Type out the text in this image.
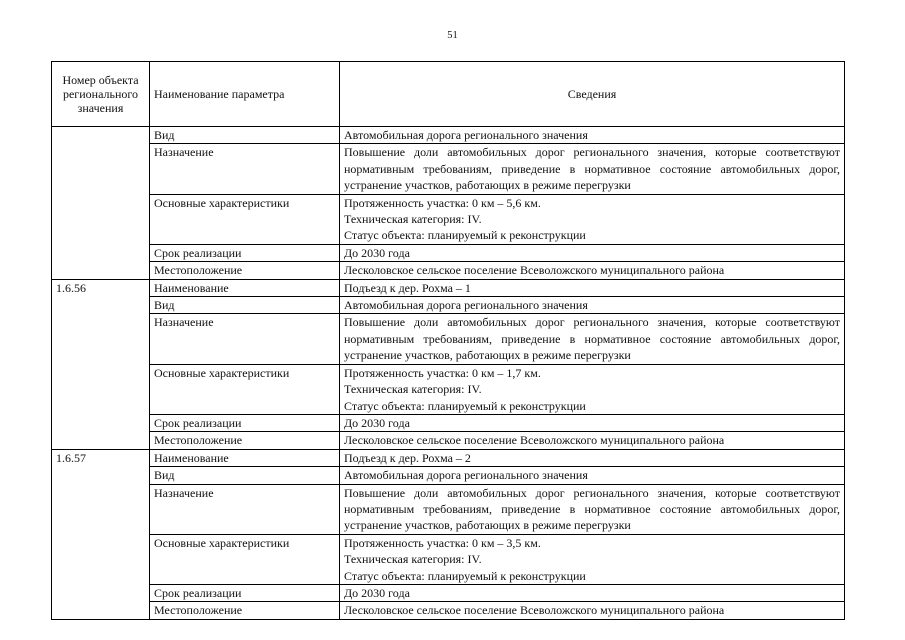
51
Номер объекта регионального значения	Наименование параметра	Сведения
	Вид	Автомобильная дорога регионального значения

	Назначение	Повышение доли автомобильных дорог регионального значения, которые соответствуют нормативным требованиям, приведение в нормативное состояние автомобильных дорог, устранение участков, работающих в режиме перегрузки

	Основные характеристики	Протяженность участка: 0 км – 5,6 км.
Техническая категория: IV.
Статус объекта: планируемый к реконструкции

	Срок реализации	До 2030 года

	Местоположение	Лесколовское сельское поселение Всеволожского муниципального района

1.6.56	Наименование	Подъезд к дер. Рохма – 1

	Вид	Автомобильная дорога регионального значения

	Назначение	Повышение доли автомобильных дорог регионального значения, которые соответствуют нормативным требованиям, приведение в нормативное состояние автомобильных дорог, устранение участков, работающих в режиме перегрузки

	Основные характеристики	Протяженность участка: 0 км – 1,7 км.
Техническая категория: IV.
Статус объекта: планируемый к реконструкции

	Срок реализации	До 2030 года

	Местоположение	Лесколовское сельское поселение Всеволожского муниципального района

1.6.57	Наименование	Подъезд к дер. Рохма – 2

	Вид	Автомобильная дорога регионального значения

	Назначение	Повышение доли автомобильных дорог регионального значения, которые соответствуют нормативным требованиям, приведение в нормативное состояние автомобильных дорог, устранение участков, работающих в режиме перегрузки

	Основные характеристики	Протяженность участка: 0 км – 3,5 км.
Техническая категория: IV.
Статус объекта: планируемый к реконструкции

	Срок реализации	До 2030 года

	Местоположение	Лесколовское сельское поселение Всеволожского муниципального района
